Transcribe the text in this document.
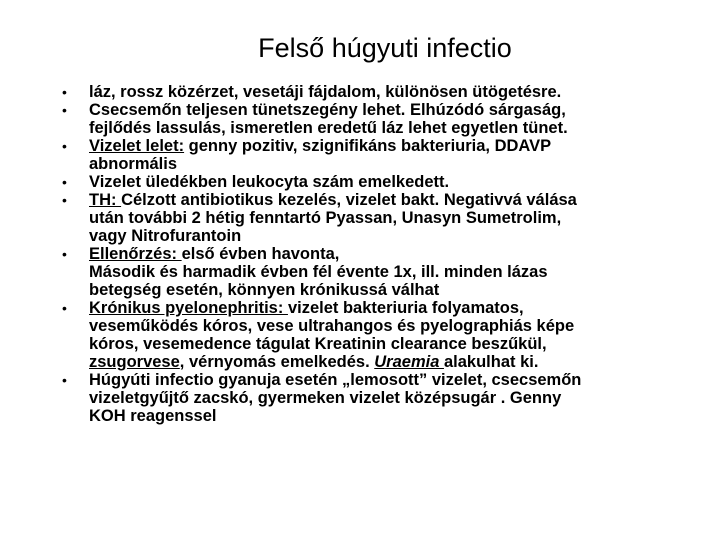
Felső húgyuti infectio
• láz, rossz közérzet, vesetáji fájdalom, különösen ütögetésre.
• Csecsemőn teljesen tünetszegény lehet. Elhúzódó sárgaság,
fejlődés lassulás, ismeretlen eredetű láz lehet egyetlen tünet.
• Vizelet lelet: genny pozitiv, szignifikáns bakteriuria, DDAVP
abnormális
• Vizelet üledékben leukocyta szám emelkedett.
• TH: Célzott antibiotikus kezelés, vizelet bakt. Negativvá válása
után további 2 hétig fenntartó Pyassan, Unasyn Sumetrolim,
vagy Nitrofurantoin
• Ellenőrzés: első évben havonta,
Második és harmadik évben fél évente 1x, ill. minden lázas
betegség esetén, könnyen krónikussá válhat
• Krónikus pyelonephritis: vizelet bakteriuria folyamatos,
veseműködés kóros, vese ultrahangos és pyelographiás képe
kóros, vesemedence tágulat Kreatinin clearance beszűkül,
zsugorvese, vérnyomás emelkedés. Uraemia alakulhat ki.
• Húgyúti infectio gyanuja esetén „lemosott” vizelet, csecsemőn
vizeletgyűjtő zacskó, gyermeken vizelet középsugár . Genny
KOH reagenssel
